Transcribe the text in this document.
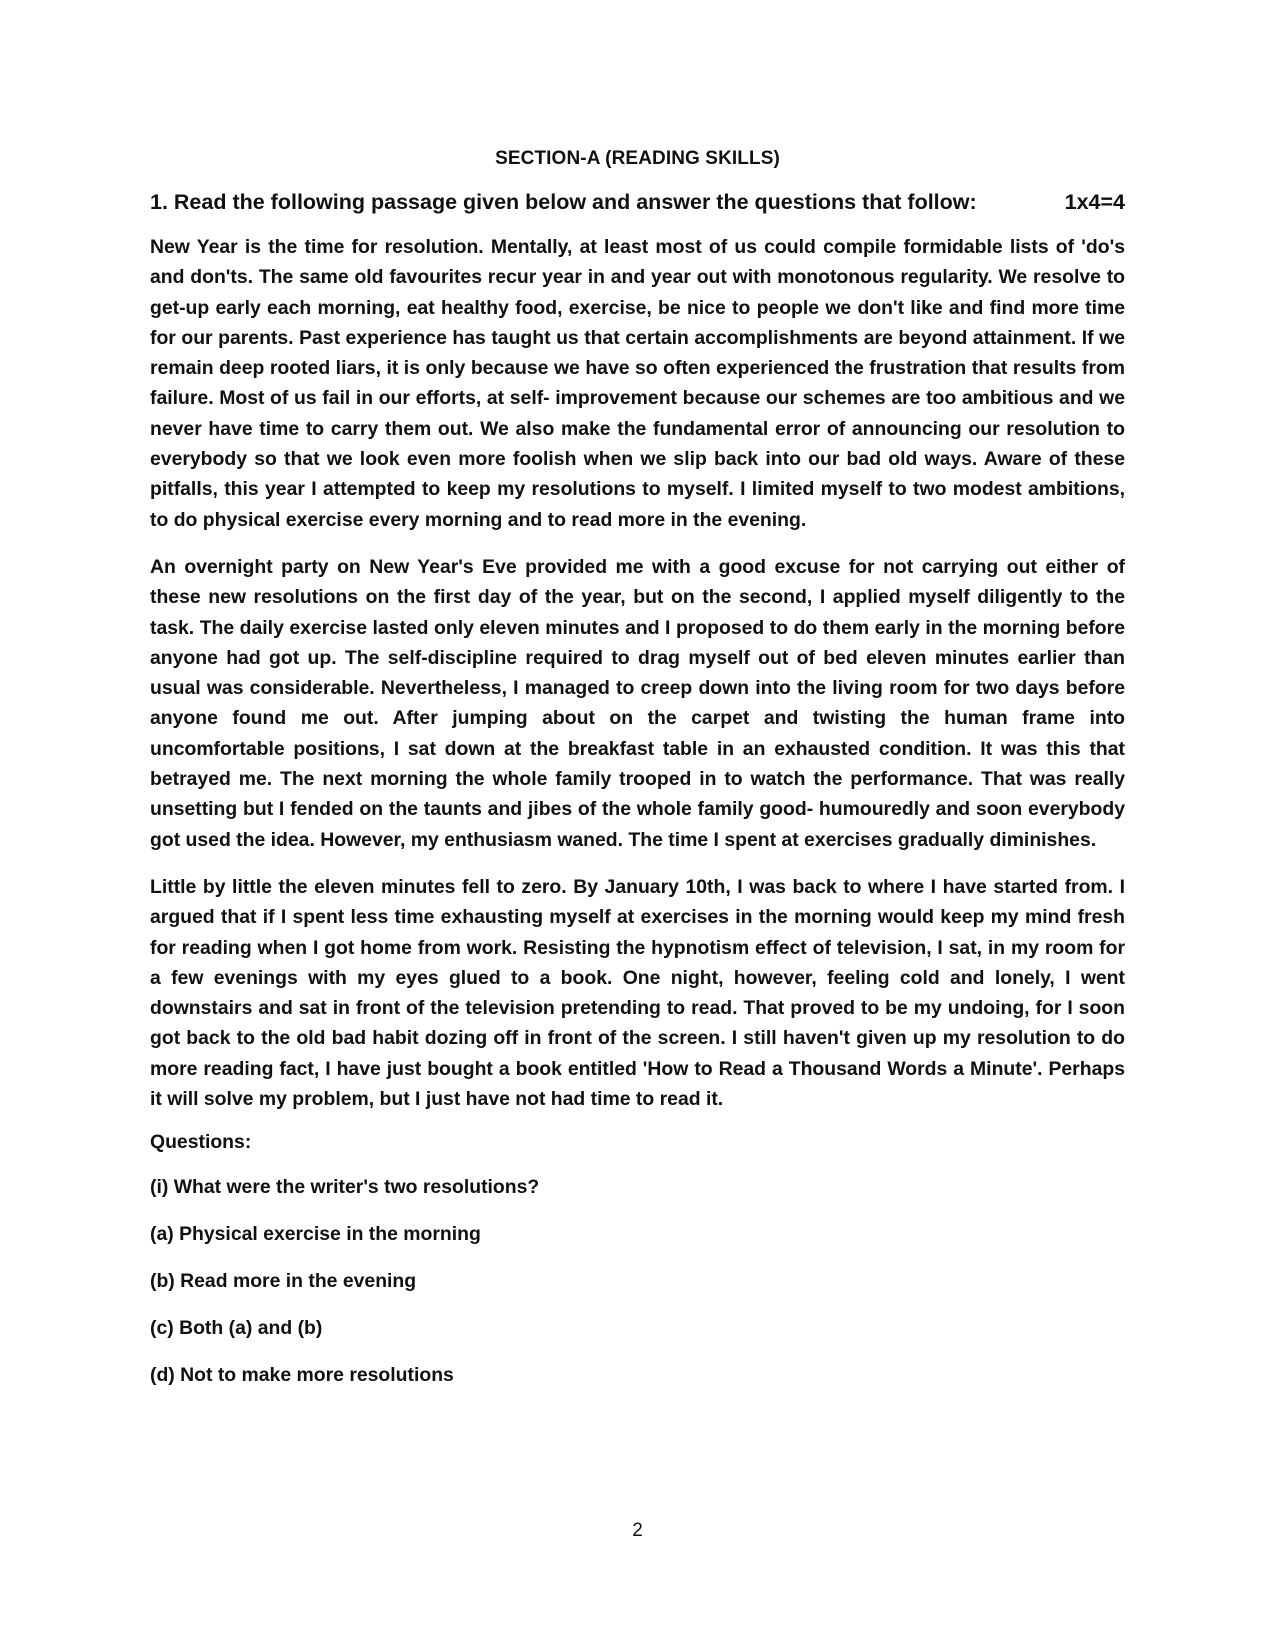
SECTION-A (READING SKILLS)
1. Read the following passage given below and answer the questions that follow:	1x4=4

New Year is the time for resolution. Mentally, at least most of us could compile formidable lists of 'do's and don'ts. The same old favourites recur year in and year out with monotonous regularity. We resolve to get-up early each morning, eat healthy food, exercise, be nice to people we don't like and find more time for our parents. Past experience has taught us that certain accomplishments are beyond attainment. If we remain deep rooted liars, it is only because we have so often experienced the frustration that results from failure. Most of us fail in our efforts, at self- improvement because our schemes are too ambitious and we never have time to carry them out. We also make the fundamental error of announcing our resolution to everybody so that we look even more foolish when we slip back into our bad old ways. Aware of these pitfalls, this year I attempted to keep my resolutions to myself. I limited myself to two modest ambitions, to do physical exercise every morning and to read more in the evening.

An overnight party on New Year's Eve provided me with a good excuse for not carrying out either of these new resolutions on the first day of the year, but on the second, I applied myself diligently to the task. The daily exercise lasted only eleven minutes and I proposed to do them early in the morning before anyone had got up. The self-discipline required to drag myself out of bed eleven minutes earlier than usual was considerable. Nevertheless, I managed to creep down into the living room for two days before anyone found me out. After jumping about on the carpet and twisting the human frame into uncomfortable positions, I sat down at the breakfast table in an exhausted condition. It was this that betrayed me. The next morning the whole family trooped in to watch the performance. That was really unsetting but I fended on the taunts and jibes of the whole family good- humouredly and soon everybody got used the idea. However, my enthusiasm waned. The time I spent at exercises gradually diminishes.

Little by little the eleven minutes fell to zero. By January 10th, I was back to where I have started from. I argued that if I spent less time exhausting myself at exercises in the morning would keep my mind fresh for reading when I got home from work. Resisting the hypnotism effect of television, I sat, in my room for a few evenings with my eyes glued to a book. One night, however, feeling cold and lonely, I went downstairs and sat in front of the television pretending to read. That proved to be my undoing, for I soon got back to the old bad habit dozing off in front of the screen. I still haven't given up my resolution to do more reading fact, I have just bought a book entitled 'How to Read a Thousand Words a Minute'. Perhaps it will solve my problem, but I just have not had time to read it.

Questions:
(i) What were the writer's two resolutions?
(a) Physical exercise in the morning
(b) Read more in the evening
(c) Both (a) and (b)
(d) Not to make more resolutions
2
